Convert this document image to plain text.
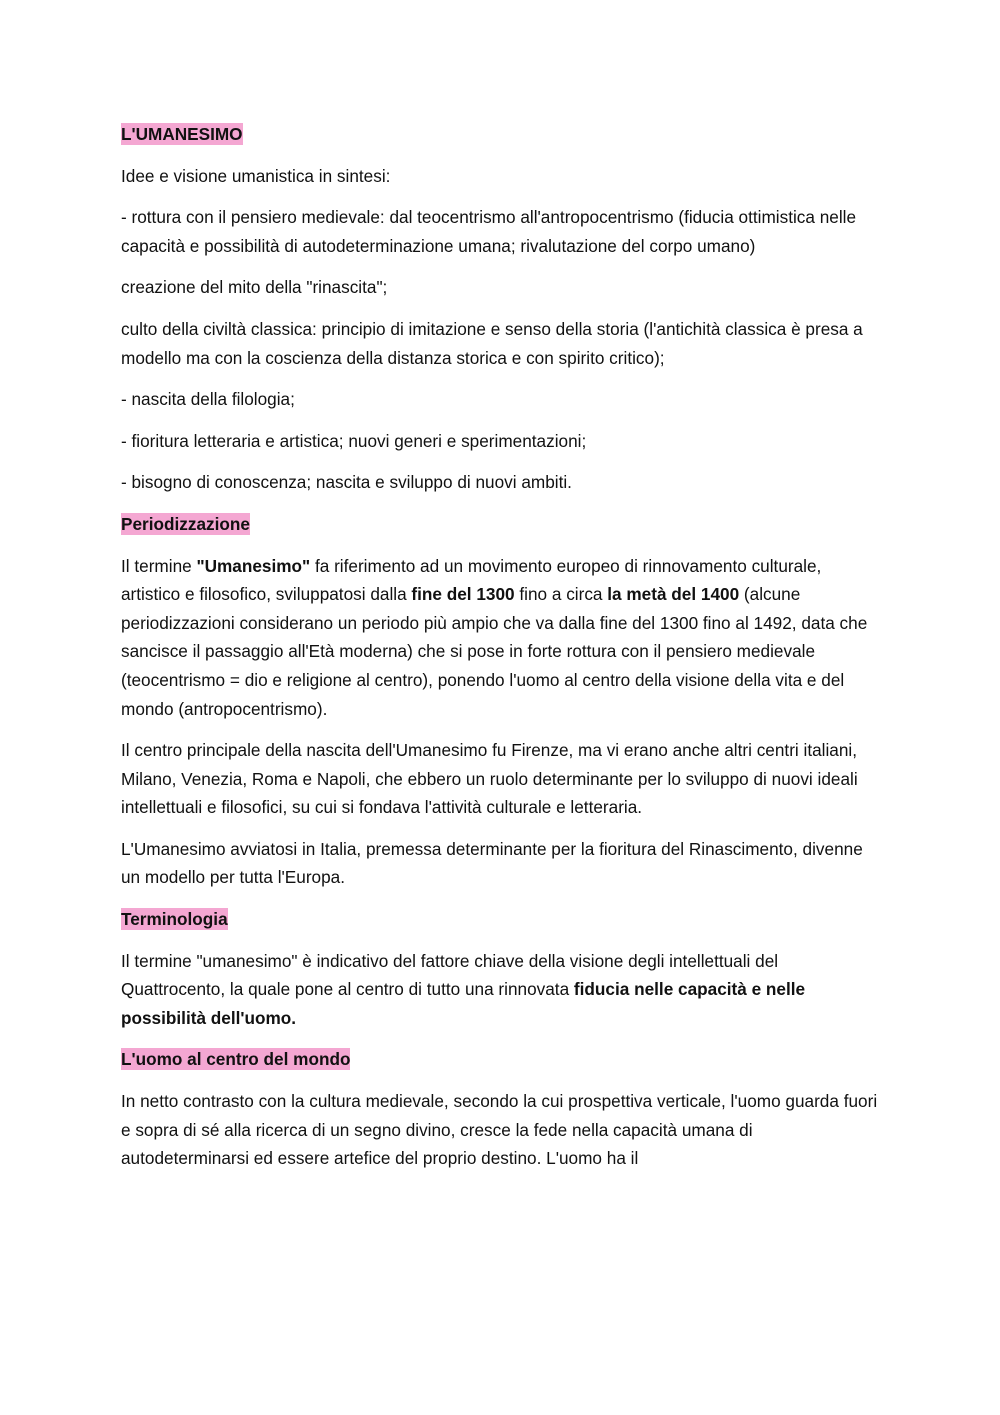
L'UMANESIMO

Idee e visione umanistica in sintesi:

- rottura con il pensiero medievale: dal teocentrismo all'antropocentrismo (fiducia ottimistica nelle capacità e possibilità di autodeterminazione umana; rivalutazione del corpo umano)

creazione del mito della "rinascita";

culto della civiltà classica: principio di imitazione e senso della storia (l'antichità classica è presa a modello ma con la coscienza della distanza storica e con spirito critico);

- nascita della filologia;

- fioritura letteraria e artistica; nuovi generi e sperimentazioni;

- bisogno di conoscenza; nascita e sviluppo di nuovi ambiti.

Periodizzazione

Il termine "Umanesimo" fa riferimento ad un movimento europeo di rinnovamento culturale, artistico e filosofico, sviluppatosi dalla fine del 1300 fino a circa la metà del 1400 (alcune periodizzazioni considerano un periodo più ampio che va dalla fine del 1300 fino al 1492, data che sancisce il passaggio all'Età moderna) che si pose in forte rottura con il pensiero medievale (teocentrismo = dio e religione al centro), ponendo l'uomo al centro della visione della vita e del mondo (antropocentrismo).

Il centro principale della nascita dell'Umanesimo fu Firenze, ma vi erano anche altri centri italiani, Milano, Venezia, Roma e Napoli, che ebbero un ruolo determinante per lo sviluppo di nuovi ideali intellettuali e filosofici, su cui si fondava l'attività culturale e letteraria.

L'Umanesimo avviatosi in Italia, premessa determinante per la fioritura del Rinascimento, divenne un modello per tutta l'Europa.

Terminologia

Il termine "umanesimo" è indicativo del fattore chiave della visione degli intellettuali del Quattrocento, la quale pone al centro di tutto una rinnovata fiducia nelle capacità e nelle possibilità dell'uomo.

L'uomo al centro del mondo

In netto contrasto con la cultura medievale, secondo la cui prospettiva verticale, l'uomo guarda fuori e sopra di sé alla ricerca di un segno divino, cresce la fede nella capacità umana di autodeterminarsi ed essere artefice del proprio destino. L'uomo ha il
